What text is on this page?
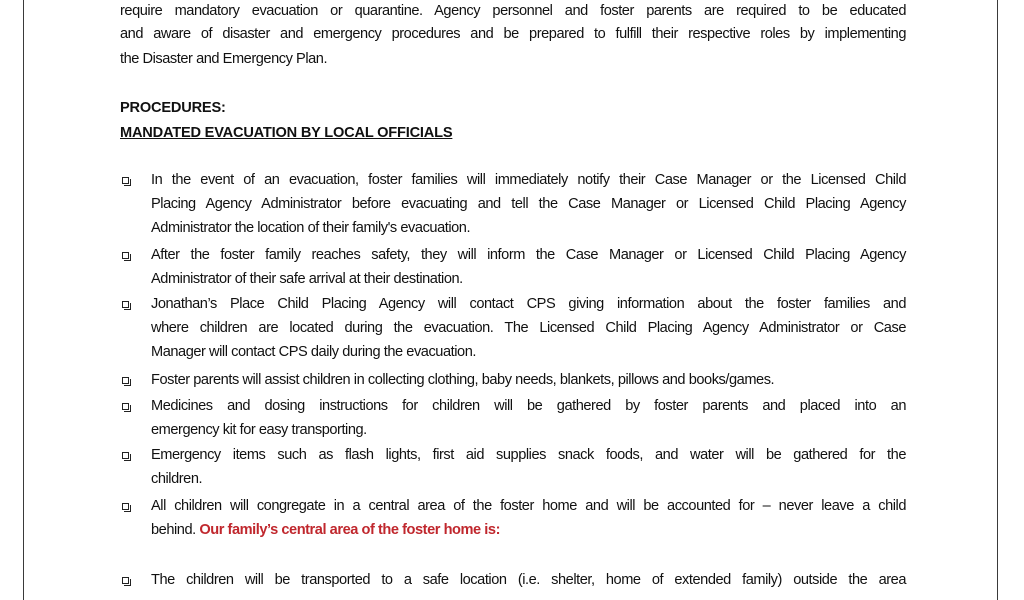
require mandatory evacuation or quarantine. Agency personnel and foster parents are required to be educated
and aware of disaster and emergency procedures and be prepared to fulfill their respective roles by implementing
the Disaster and Emergency Plan.
PROCEDURES:
MANDATED EVACUATION BY LOCAL OFFICIALS
In the event of an evacuation, foster families will immediately notify their Case Manager or the Licensed Child
Placing Agency Administrator before evacuating and tell the Case Manager or Licensed Child Placing Agency
Administrator the location of their family's evacuation.
After the foster family reaches safety, they will inform the Case Manager or Licensed Child Placing Agency
Administrator of their safe arrival at their destination.
Jonathan’s Place Child Placing Agency will contact CPS giving information about the foster families and
where children are located during the evacuation. The Licensed Child Placing Agency Administrator or Case
Manager will contact CPS daily during the evacuation.
Foster parents will assist children in collecting clothing, baby needs, blankets, pillows and books/games.
Medicines and dosing instructions for children will be gathered by foster parents and placed into an
emergency kit for easy transporting.
Emergency items such as flash lights, first aid supplies snack foods, and water will be gathered for the
children.
All children will congregate in a central area of the foster home and will be accounted for – never leave a child
behind. Our family’s central area of the foster home is:
The children will be transported to a safe location (i.e. shelter, home of extended family) outside the area
